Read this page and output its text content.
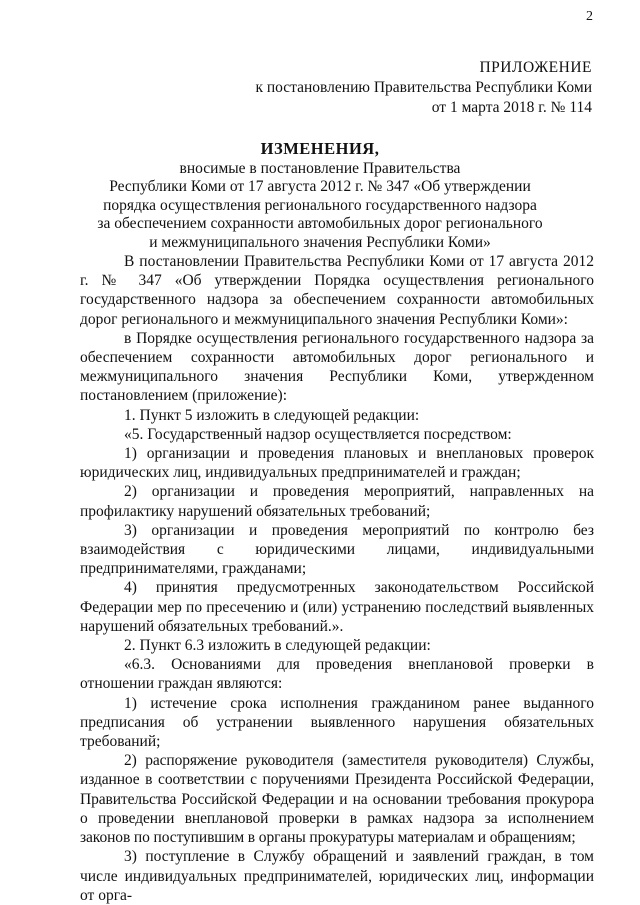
2
ПРИЛОЖЕНИЕ
к постановлению Правительства Республики Коми
от 1 марта 2018 г. № 114
ИЗМЕНЕНИЯ,
вносимые в постановление Правительства
Республики Коми от 17 августа 2012 г. № 347 «Об утверждении
порядка осуществления регионального государственного надзора
за обеспечением сохранности автомобильных дорог регионального
и межмуниципального значения Республики Коми»

В постановлении Правительства Республики Коми от 17 августа 2012 г. № 347 «Об утверждении Порядка осуществления регионального государственного надзора за обеспечением сохранности автомобильных дорог регионального и межмуниципального значения Республики Коми»:

в Порядке осуществления регионального государственного надзора за обеспечением сохранности автомобильных дорог регионального и межмуниципального значения Республики Коми, утвержденном постановлением (приложение):

1. Пункт 5 изложить в следующей редакции:

«5. Государственный надзор осуществляется посредством:

1) организации и проведения плановых и внеплановых проверок юридических лиц, индивидуальных предпринимателей и граждан;

2) организации и проведения мероприятий, направленных на профилактику нарушений обязательных требований;

3) организации и проведения мероприятий по контролю без взаимодействия с юридическими лицами, индивидуальными предпринимателями, гражданами;

4) принятия предусмотренных законодательством Российской Федерации мер по пресечению и (или) устранению последствий выявленных нарушений обязательных требований.».

2. Пункт 6.3 изложить в следующей редакции:

«6.3. Основаниями для проведения внеплановой проверки в отношении граждан являются:

1) истечение срока исполнения гражданином ранее выданного предписания об устранении выявленного нарушения обязательных требований;

2) распоряжение руководителя (заместителя руководителя) Службы, изданное в соответствии с поручениями Президента Российской Федерации, Правительства Российской Федерации и на основании требования прокурора о проведении внеплановой проверки в рамках надзора за исполнением законов по поступившим в органы прокуратуры материалам и обращениям;

3) поступление в Службу обращений и заявлений граждан, в том числе индивидуальных предпринимателей, юридических лиц, информации от орга-
